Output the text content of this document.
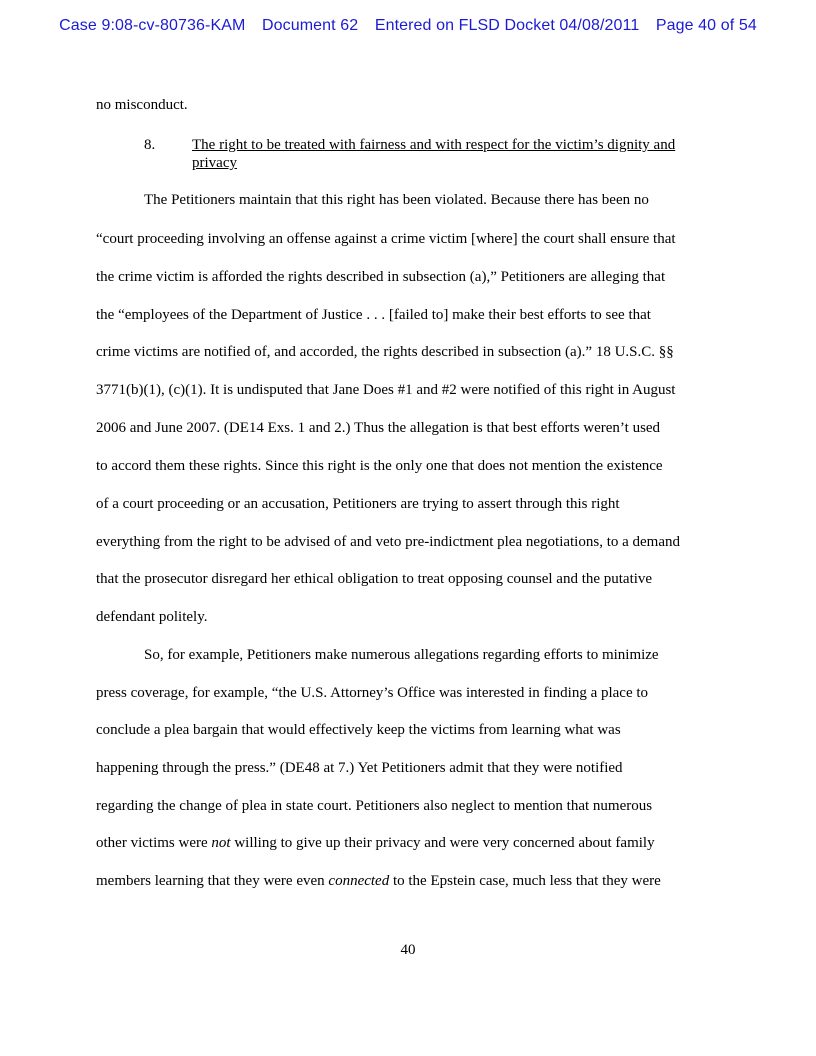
Case 9:08-cv-80736-KAM Document 62 Entered on FLSD Docket 04/08/2011 Page 40 of 54
no misconduct.
8. The right to be treated with fairness and with respect for the victim’s dignity and privacy
The Petitioners maintain that this right has been violated. Because there has been no
“court proceeding involving an offense against a crime victim [where] the court shall ensure that
the crime victim is afforded the rights described in subsection (a),” Petitioners are alleging that
the “employees of the Department of Justice . . . [failed to] make their best efforts to see that
crime victims are notified of, and accorded, the rights described in subsection (a).” 18 U.S.C. §§
3771(b)(1), (c)(1). It is undisputed that Jane Does #1 and #2 were notified of this right in August
2006 and June 2007. (DE14 Exs. 1 and 2.) Thus the allegation is that best efforts weren’t used
to accord them these rights. Since this right is the only one that does not mention the existence
of a court proceeding or an accusation, Petitioners are trying to assert through this right
everything from the right to be advised of and veto pre-indictment plea negotiations, to a demand
that the prosecutor disregard her ethical obligation to treat opposing counsel and the putative
defendant politely.
So, for example, Petitioners make numerous allegations regarding efforts to minimize
press coverage, for example, “the U.S. Attorney’s Office was interested in finding a place to
conclude a plea bargain that would effectively keep the victims from learning what was
happening through the press.” (DE48 at 7.) Yet Petitioners admit that they were notified
regarding the change of plea in state court. Petitioners also neglect to mention that numerous
other victims were not willing to give up their privacy and were very concerned about family
members learning that they were even connected to the Epstein case, much less that they were
40
